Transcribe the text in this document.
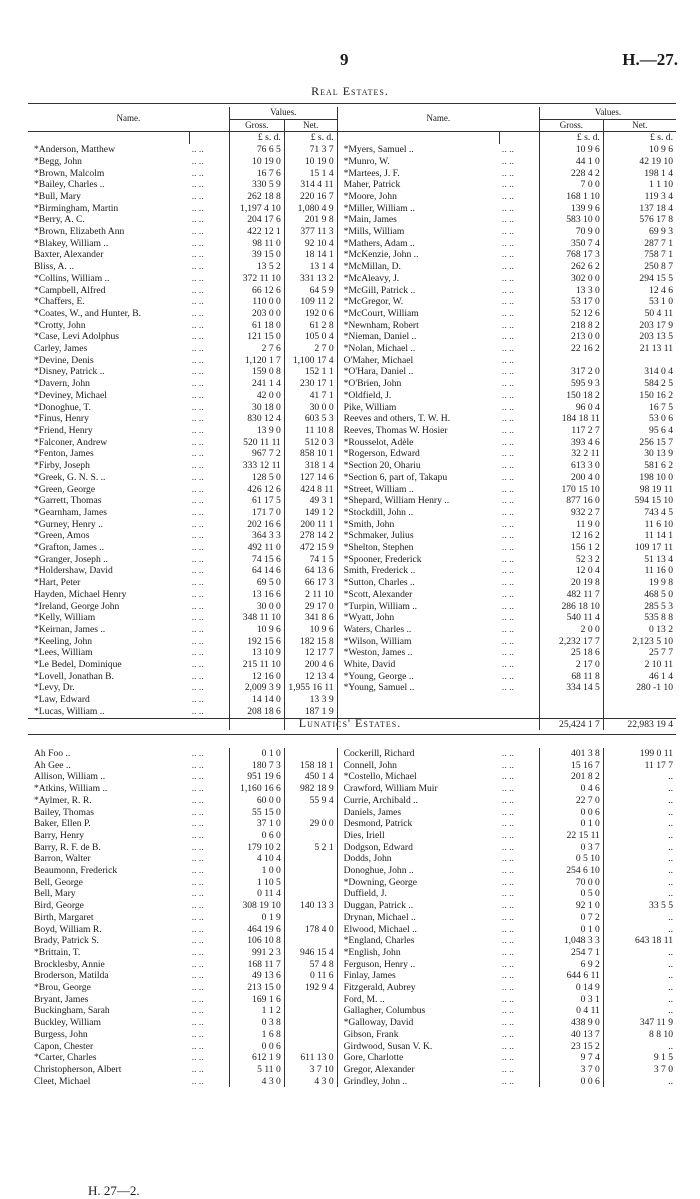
9	H.—27.
Real Estates.
Name.		Values.		Name.		Values.	
		Gross.	Net.			Gross.	Net.
		£ s. d.	£ s. d.			£ s. d.	£ s. d.
*Anderson, Matthew	.. ..	76 6 5	71 3 7	*Myers, Samuel ..	.. ..	10 9 6	10 9 6
*Begg, John	.. ..	10 19 0	10 19 0	*Munro, W.	.. ..	44 1 0	42 19 10
*Brown, Malcolm	.. ..	16 7 6	15 1 4	*Martees, J. F.	.. ..	228 4 2	198 1 4
*Bailey, Charles ..	.. ..	330 5 9	314 4 11	Maher, Patrick	.. ..	7 0 0	1 1 10
*Bull, Mary	.. ..	262 18 8	220 16 7	*Moore, John	.. ..	168 1 10	119 3 4
*Birmingham, Martin	.. ..	1,197 4 10	1,080 4 9	*Miller, William ..	.. ..	139 9 6	137 18 4
*Berry, A. C.	.. ..	204 17 6	201 9 8	*Main, James	.. ..	583 10 0	576 17 8
*Brown, Elizabeth Ann	.. ..	422 12 1	377 11 3	*Mills, William	.. ..	70 9 0	69 9 3
*Blakey, William ..	.. ..	98 11 0	92 10 4	*Mathers, Adam ..	.. ..	350 7 4	287 7 1
Baxter, Alexander	.. ..	39 15 0	18 14 1	*McKenzie, John ..	.. ..	768 17 3	758 7 1
Bliss, A. ..	.. ..	13 5 2	13 1 4	*McMillan, D.	.. ..	262 6 2	250 8 7
*Collins, William ..	.. ..	372 11 10	331 13 2	*McAleavy, J.	.. ..	302 0 0	294 15 5
*Campbell, Alfred	.. ..	66 12 6	64 5 9	*McGill, Patrick ..	.. ..	13 3 0	12 4 6
*Chaffers, E.	.. ..	110 0 0	109 11 2	*McGregor, W.	.. ..	53 17 0	53 1 0
*Coates, W., and Hunter, B.	.. ..	203 0 0	192 0 6	*McCourt, William	.. ..	52 12 6	50 4 11
*Crotty, John	.. ..	61 18 0	61 2 8	*Newnham, Robert	.. ..	218 8 2	203 17 9
*Case, Levi Adolphus	.. ..	121 15 0	105 0 4	*Nieman, Daniel ..	.. ..	213 0 0	203 13 5
Carley, James	.. ..	2 7 6	2 7 0	*Nolan, Michael ..	.. ..	22 16 2	21 13 11
*Devine, Denis	.. ..	1,120 1 7	1,100 17 4	O'Maher, Michael	.. ..		
*Disney, Patrick ..	.. ..	159 0 8	152 1 1	*O'Hara, Daniel ..	.. ..	317 2 0	314 0 4
*Davern, John	.. ..	241 1 4	230 17 1	*O'Brien, John	.. ..	595 9 3	584 2 5
*Deviney, Michael	.. ..	42 0 0	41 7 1	*Oldfield, J.	.. ..	150 18 2	150 16 2
*Donoghue, T.	.. ..	30 18 0	30 0 0	Pike, William	.. ..	96 0 4	16 7 5
*Finus, Henry	.. ..	830 12 4	603 5 3	Reeves and others, T. W. H.	.. ..	184 18 11	53 0 6
*Friend, Henry	.. ..	13 9 0	11 10 8	Reeves, Thomas W. Hosier	.. ..	117 2 7	95 6 4
*Falconer, Andrew	.. ..	520 11 11	512 0 3	*Rousselot, Adèle	.. ..	393 4 6	256 15 7
*Fenton, James	.. ..	967 7 2	858 10 1	*Rogerson, Edward	.. ..	32 2 11	30 13 9
*Firby, Joseph	.. ..	333 12 11	318 1 4	*Section 20, Ohariu	.. ..	613 3 0	581 6 2
*Greek, G. N. S. ..	.. ..	128 5 0	127 14 6	*Section 6, part of, Takapu	.. ..	200 4 0	198 10 0
*Green, George	.. ..	426 12 6	424 8 11	*Street, William ..	.. ..	170 15 10	98 19 11
*Garrett, Thomas	.. ..	61 17 5	49 3 1	*Shepard, William Henry ..	.. ..	877 16 0	594 15 10
*Gearnham, James	.. ..	171 7 0	149 1 2	*Stockdill, John ..	.. ..	932 2 7	743 4 5
*Gurney, Henry ..	.. ..	202 16 6	200 11 1	*Smith, John	.. ..	11 9 0	11 6 10
*Green, Amos	.. ..	364 3 3	278 14 2	*Schmaker, Julius	.. ..	12 16 2	11 14 1
*Grafton, James ..	.. ..	492 11 0	472 15 9	*Shelton, Stephen	.. ..	156 1 2	109 17 11
*Granger, Joseph ..	.. ..	74 15 6	74 1 5	*Spooner, Frederick	.. ..	52 3 2	51 13 4
*Holdershaw, David	.. ..	64 14 6	64 13 6	Smith, Frederick ..	.. ..	12 0 4	11 16 0
*Hart, Peter	.. ..	69 5 0	66 17 3	*Sutton, Charles ..	.. ..	20 19 8	19 9 8
Hayden, Michael Henry	.. ..	13 16 6	2 11 10	*Scott, Alexander	.. ..	482 11 7	468 5 0
*Ireland, George John	.. ..	30 0 0	29 17 0	*Turpin, William ..	.. ..	286 18 10	285 5 3
*Kelly, William	.. ..	348 11 10	341 8 6	*Wyatt, John	.. ..	540 11 4	535 8 8
*Keirnan, James ..	.. ..	10 9 6	10 9 6	Waters, Charles ..	.. ..	2 0 0	0 13 2
*Keeling, John	.. ..	192 15 6	182 15 8	*Wilson, William	.. ..	2,232 17 7	2,123 5 10
*Lees, William	.. ..	13 10 9	12 17 7	*Weston, James ..	.. ..	25 18 6	25 7 7
*Le Bedel, Dominique	.. ..	215 11 10	200 4 6	White, David	.. ..	2 17 0	2 10 11
*Lovell, Jonathan B.	.. ..	12 16 0	12 13 4	*Young, George ..	.. ..	68 11 8	46 1 4
*Levy, Dr.	.. ..	2,009 3 9	1,955 16 11	*Young, Samuel ..	.. ..	334 14 5	280 -1 10
*Law, Edward	.. ..	14 14 0	13 3 9				
*Lucas, William ..	.. ..	208 18 6	187 1 9				
						25,424 1 7	22,983 19 4
Lunatics' Estates.
Ah Foo ..	.. ..	0 1 0		Cockerill, Richard	.. ..	401 3 8	199 0 11
Ah Gee ..	.. ..	180 7 3	158 18 1	Connell, John	.. ..	15 16 7	11 17 7
Allison, William ..	.. ..	951 19 6	450 1 4	*Costello, Michael	.. ..	201 8 2	..
*Atkins, William ..	.. ..	1,160 16 6	982 18 9	Crawford, William Muir	.. ..	0 4 6	..
*Aylmer, R. R.	.. ..	60 0 0	55 9 4	Currie, Archibald ..	.. ..	22 7 0	..
Bailey, Thomas	.. ..	55 15 0		Daniels, James	.. ..	0 0 6	..
Baker, Ellen P.	.. ..	37 1 0	29 0 0	Desmond, Patrick	.. ..	0 1 0	..
Barry, Henry	.. ..	0 6 0		Dies, Iriell	.. ..	22 15 11	..
Barry, R. F. de B.	.. ..	179 10 2	5 2 1	Dodgson, Edward	.. ..	0 3 7	..
Barron, Walter	.. ..	4 10 4		Dodds, John	.. ..	0 5 10	..
Beaumonn, Frederick	.. ..	1 0 0		Donoghue, John ..	.. ..	254 6 10	..
Bell, George	.. ..	1 10 5		*Downing, George	.. ..	70 0 0	..
Bell, Mary	.. ..	0 11 4		Duffield, J.	.. ..	0 5 0	..
Bird, George	.. ..	308 19 10	140 13 3	Duggan, Patrick ..	.. ..	92 1 0	33 5 5
Birth, Margaret	.. ..	0 1 9		Drynan, Michael ..	.. ..	0 7 2	..
Boyd, William R.	.. ..	464 19 6	178 4 0	Elwood, Michael ..	.. ..	0 1 0	..
Brady, Patrick S.	.. ..	106 10 8		*England, Charles	.. ..	1,048 3 3	643 18 11
*Brittain, T.	.. ..	991 2 3	946 15 4	*English, John	.. ..	254 7 1	..
Brocklesby, Annie	.. ..	168 11 7	57 4 8	Ferguson, Henry ..	.. ..	6 9 2	..
Broderson, Matilda	.. ..	49 13 6	0 11 6	Finlay, James	.. ..	644 6 11	..
*Brou, George	.. ..	213 15 0	192 9 4	Fitzgerald, Aubrey	.. ..	0 14 9	..
Bryant, James	.. ..	169 1 6		Ford, M. ..	.. ..	0 3 1	..
Buckingham, Sarah	.. ..	1 1 2		Gallagher, Columbus	.. ..	0 4 11	..
Buckley, William	.. ..	0 3 8		*Galloway, David	.. ..	438 9 0	347 11 9
Burgess, John	.. ..	1 6 8		Gibson, Frank	.. ..	40 13 7	8 8 10
Capon, Chester	.. ..	0 0 6		Girdwood, Susan V. K.	.. ..	23 15 2	..
*Carter, Charles	.. ..	612 1 9	611 13 0	Gore, Charlotte	.. ..	9 7 4	9 1 5
Christopherson, Albert	.. ..	5 11 0	3 7 10	Gregor, Alexander	.. ..	3 7 0	3 7 0
Cleet, Michael	.. ..	4 3 0	4 3 0	Grindley, John ..	.. ..	0 0 6	..
H. 27—2.
